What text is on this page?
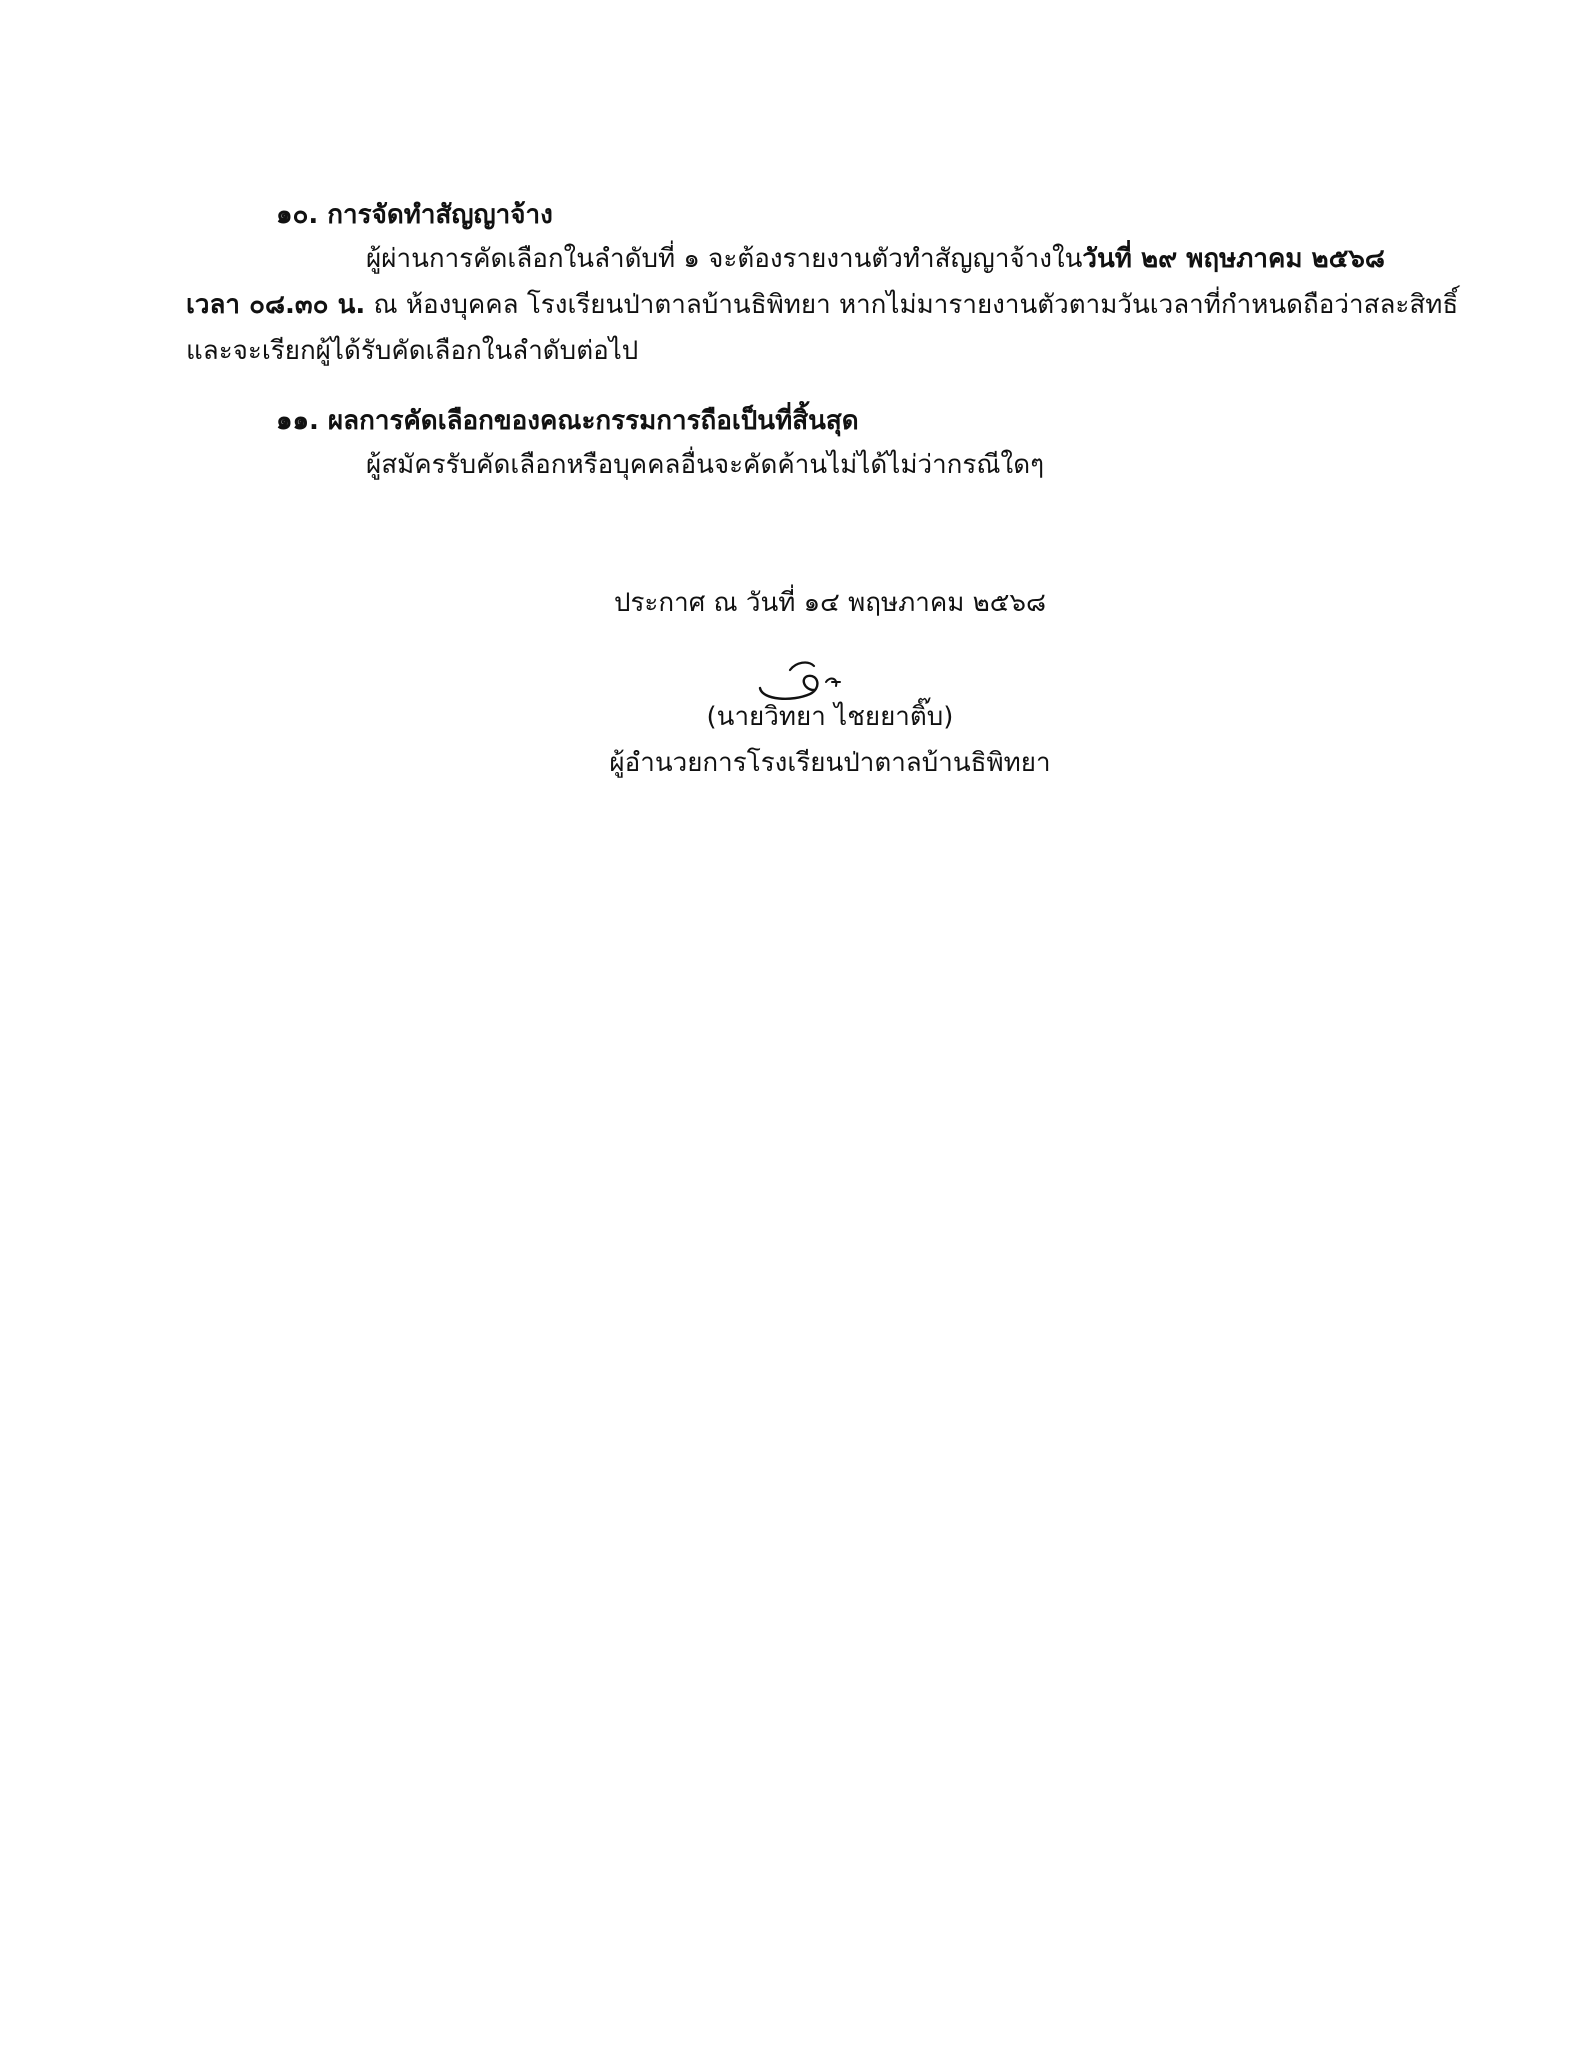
๑๐. การจัดทำสัญญาจ้าง
ผู้ผ่านการคัดเลือกในลำดับที่ ๑ จะต้องรายงานตัวทำสัญญาจ้างในวันที่ ๒๙ พฤษภาคม ๒๕๖๘
เวลา ๐๘.๓๐ น. ณ ห้องบุคคล โรงเรียนป่าตาลบ้านธิพิทยา หากไม่มารายงานตัวตามวันเวลาที่กำหนดถือว่าสละสิทธิ์
และจะเรียกผู้ได้รับคัดเลือกในลำดับต่อไป
๑๑. ผลการคัดเลือกของคณะกรรมการถือเป็นที่สิ้นสุด
ผู้สมัครรับคัดเลือกหรือบุคคลอื่นจะคัดค้านไม่ได้ไม่ว่ากรณีใดๆ
ประกาศ ณ วันที่ ๑๔ พฤษภาคม ๒๕๖๘
(นายวิทยา ไชยยาติ๊บ)
ผู้อำนวยการโรงเรียนป่าตาลบ้านธิพิทยา
